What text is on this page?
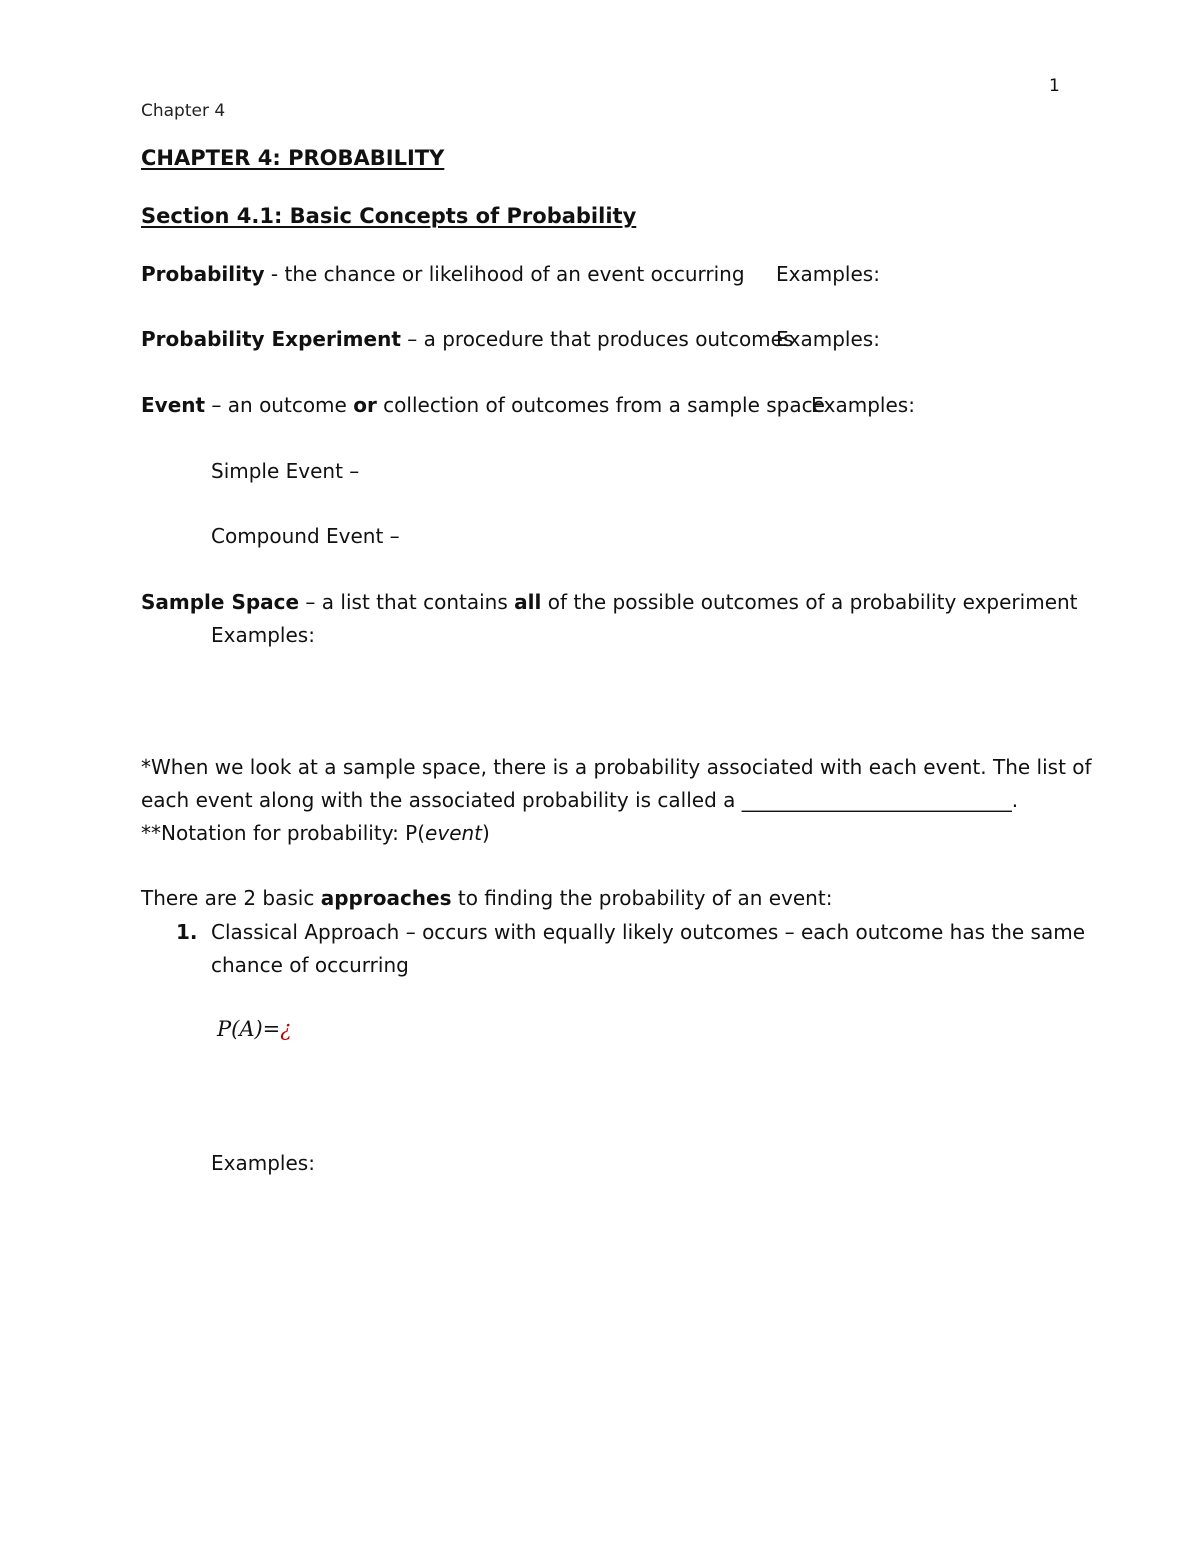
1
Chapter 4
CHAPTER 4: PROBABILITY
Section 4.1: Basic Concepts of Probability
Probability - the chance or likelihood of an event occurring Examples:
Probability Experiment – a procedure that produces outcomes
Examples:
Event – an outcome or collection of outcomes from a sample space
Examples:
Simple Event –
Compound Event –
Sample Space – a list that contains all of the possible outcomes of a probability experiment
Examples:
*When we look at a sample space, there is a probability associated with each event. The list of
each event along with the associated probability is called a ___________________________.
**Notation for probability: P(event)
There are 2 basic approaches to finding the probability of an event:
1. Classical Approach – occurs with equally likely outcomes – each outcome has the same
chance of occurring
P(A)=¿
Examples:
